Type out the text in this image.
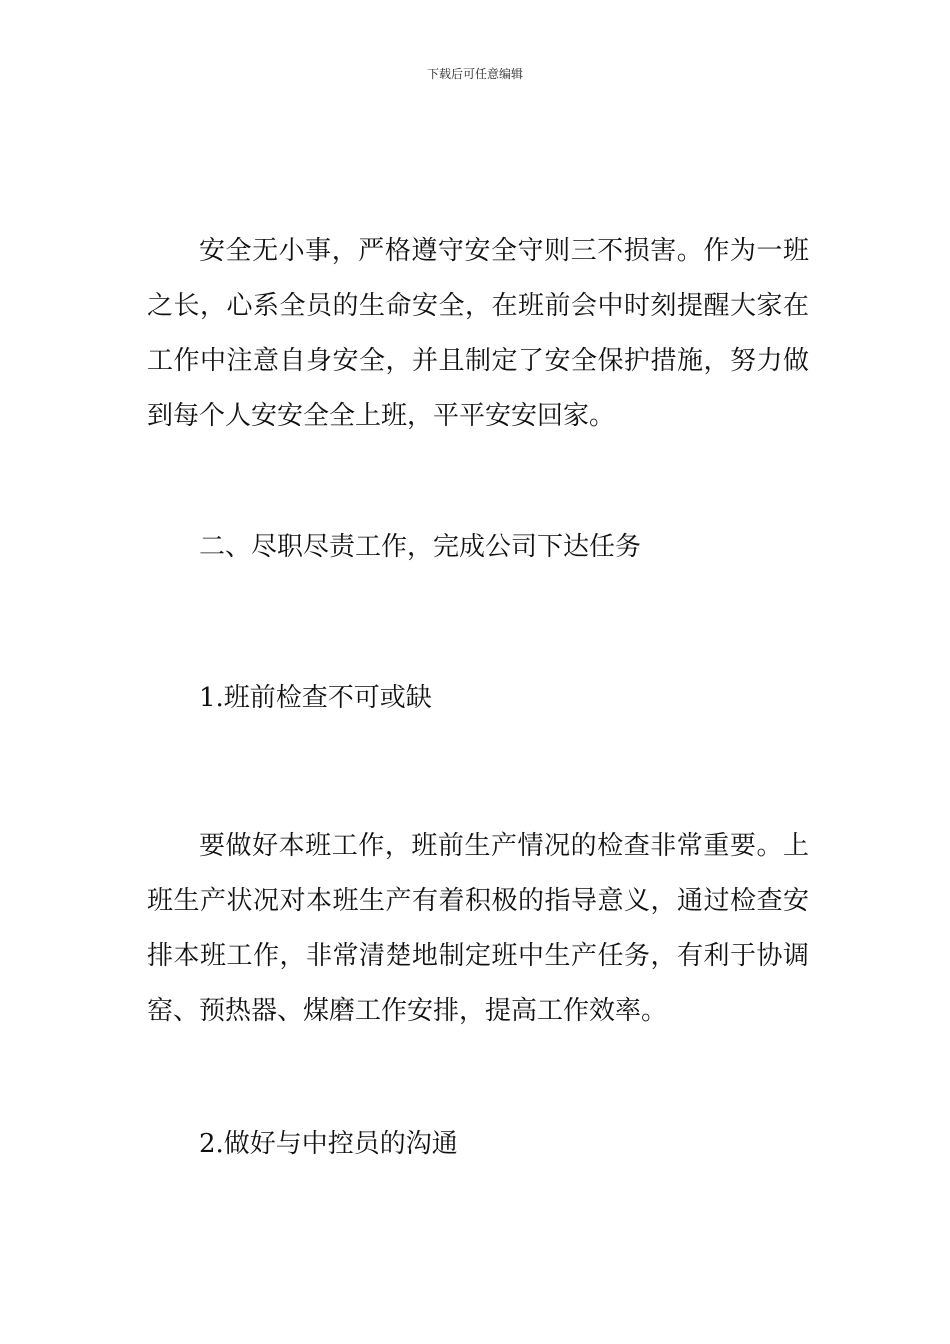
下载后可任意编辑

安全无小事，严格遵守安全守则三不损害。作为一班之长，心系全员的生命安全，在班前会中时刻提醒大家在工作中注意自身安全，并且制定了安全保护措施，努力做到每个人安安全全上班，平平安安回家。

二、尽职尽责工作，完成公司下达任务

1.班前检查不可或缺

要做好本班工作，班前生产情况的检查非常重要。上班生产状况对本班生产有着积极的指导意义，通过检查安排本班工作，非常清楚地制定班中生产任务，有利于协调窑、预热器、煤磨工作安排，提高工作效率。

2.做好与中控员的沟通
